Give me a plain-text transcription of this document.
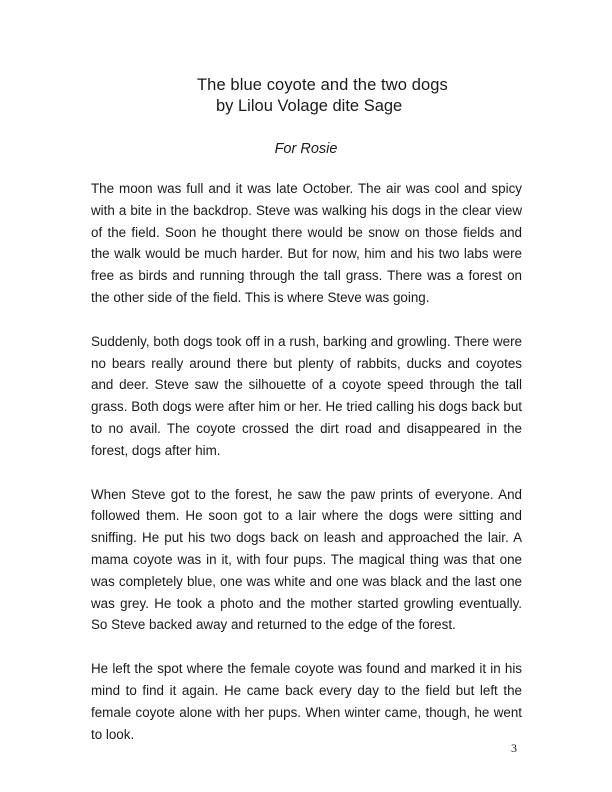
The blue coyote and the two dogs
by Lilou Volage dite Sage
For Rosie

The moon was full and it was late October. The air was cool and spicy with a bite in the backdrop. Steve was walking his dogs in the clear view of the field. Soon he thought there would be snow on those fields and the walk would be much harder. But for now, him and his two labs were free as birds and running through the tall grass. There was a forest on the other side of the field. This is where Steve was going.

Suddenly, both dogs took off in a rush, barking and growling. There were no bears really around there but plenty of rabbits, ducks and coyotes and deer. Steve saw the silhouette of a coyote speed through the tall grass. Both dogs were after him or her. He tried calling his dogs back but to no avail. The coyote crossed the dirt road and disappeared in the forest, dogs after him.

When Steve got to the forest, he saw the paw prints of everyone. And followed them. He soon got to a lair where the dogs were sitting and sniffing. He put his two dogs back on leash and approached the lair. A mama coyote was in it, with four pups. The magical thing was that one was completely blue, one was white and one was black and the last one was grey. He took a photo and the mother started growling eventually. So Steve backed away and returned to the edge of the forest.

He left the spot where the female coyote was found and marked it in his mind to find it again. He came back every day to the field but left the female coyote alone with her pups. When winter came, though, he went to look.

3
